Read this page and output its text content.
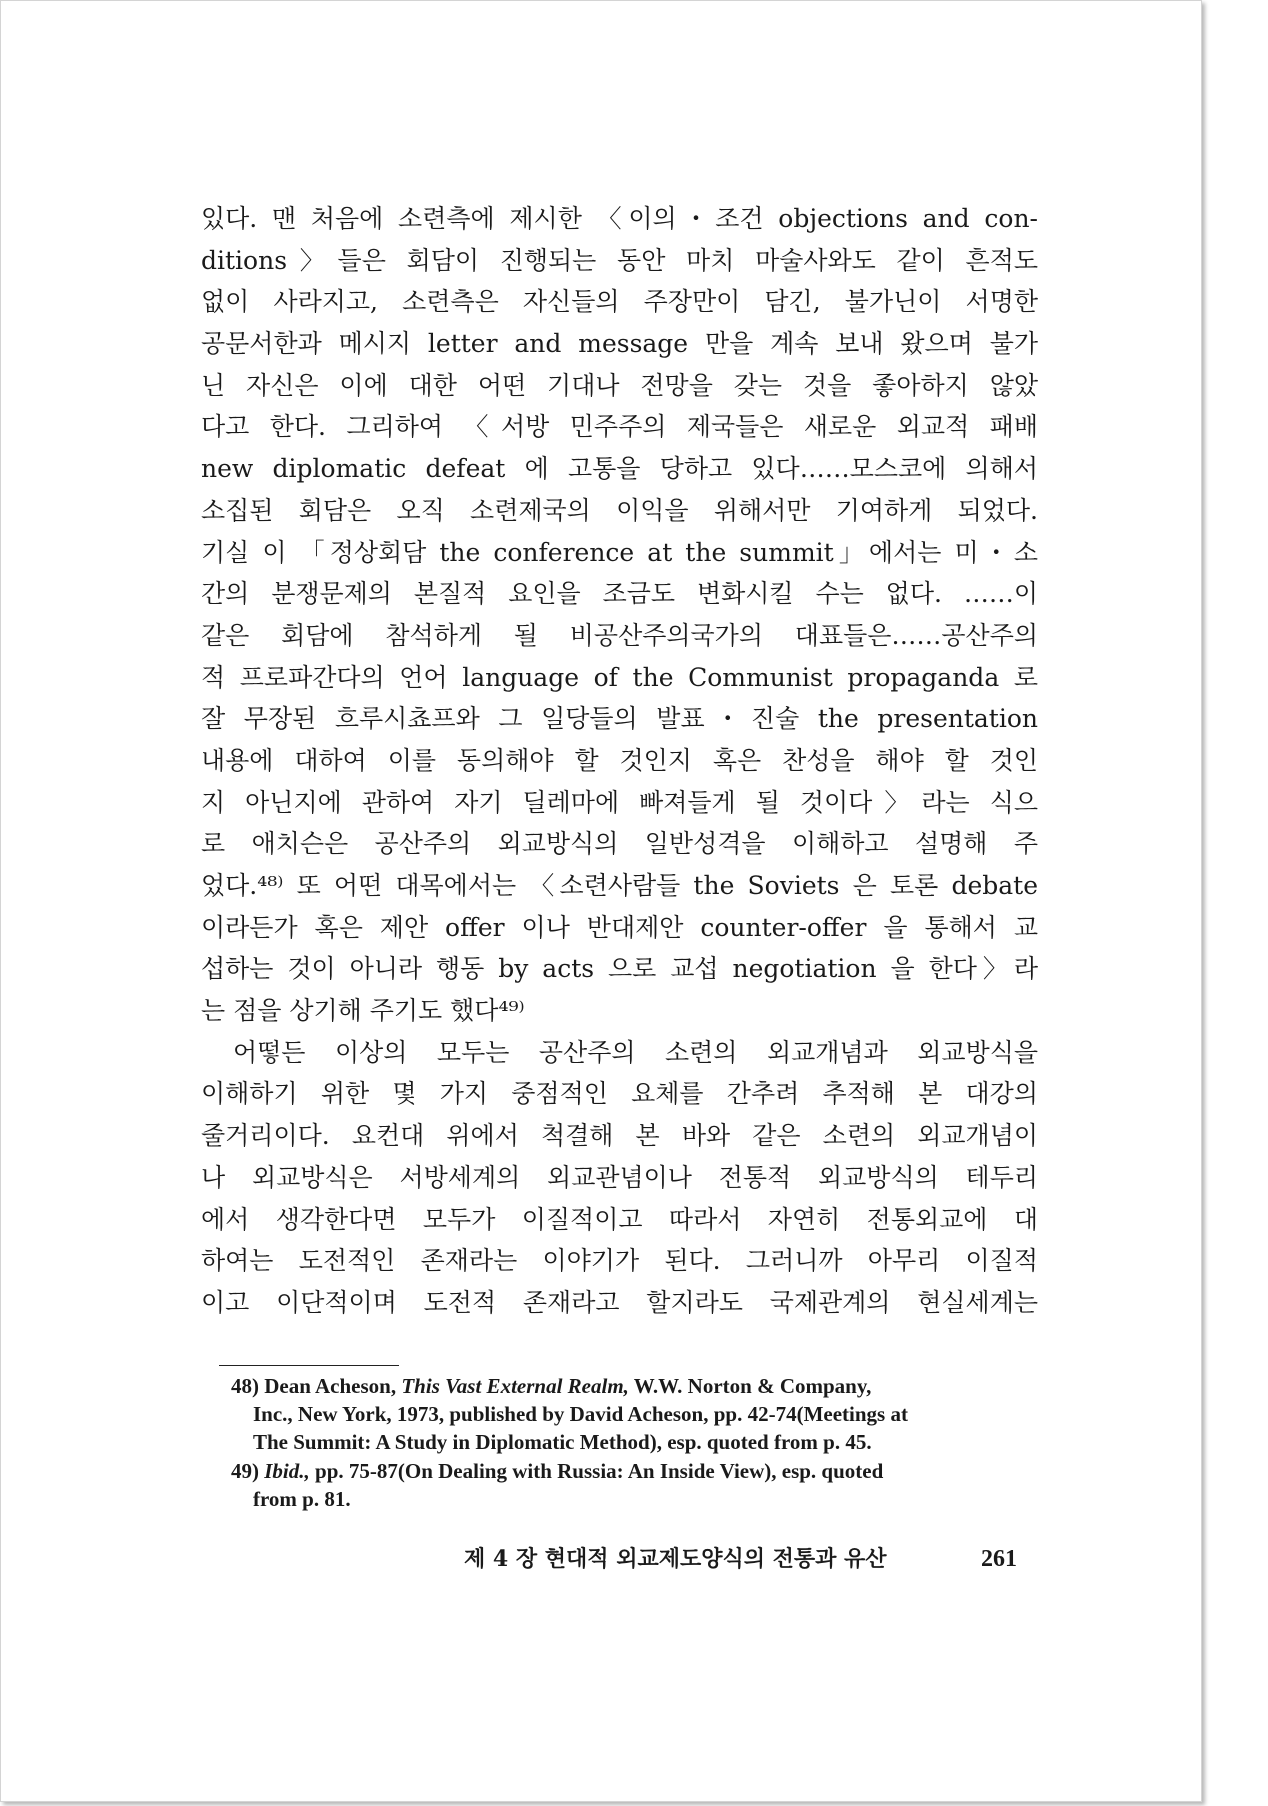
있다. 맨 처음에 소련측에 제시한 〈이의・조건 objections and con-
ditions〉들은 회담이 진행되는 동안 마치 마술사와도 같이 흔적도
없이 사라지고, 소련측은 자신들의 주장만이 담긴, 불가닌이 서명한
공문서한과 메시지 letter and message 만을 계속 보내 왔으며 불가
닌 자신은 이에 대한 어떤 기대나 전망을 갖는 것을 좋아하지 않았
다고 한다. 그리하여 〈서방 민주주의 제국들은 새로운 외교적 패배
new diplomatic defeat 에 고통을 당하고 있다……모스코에 의해서
소집된 회담은 오직 소련제국의 이익을 위해서만 기여하게 되었다.
기실 이 「정상회담 the conference at the summit」에서는 미・소
간의 분쟁문제의 본질적 요인을 조금도 변화시킬 수는 없다. ……이
같은 회담에 참석하게 될 비공산주의국가의 대표들은……공산주의
적 프로파간다의 언어 language of the Communist propaganda 로
잘 무장된 흐루시쵸프와 그 일당들의 발표・진술 the presentation
내용에 대하여 이를 동의해야 할 것인지 혹은 찬성을 해야 할 것인
지 아닌지에 관하여 자기 딜레마에 빠져들게 될 것이다〉라는 식으
로 애치슨은 공산주의 외교방식의 일반성격을 이해하고 설명해 주
었다.⁴⁸⁾ 또 어떤 대목에서는 〈소련사람들 the Soviets 은 토론 debate
이라든가 혹은 제안 offer 이나 반대제안 counter-offer 을 통해서 교
섭하는 것이 아니라 행동 by acts 으로 교섭 negotiation 을 한다〉라
는 점을 상기해 주기도 했다⁴⁹⁾
어떻든 이상의 모두는 공산주의 소련의 외교개념과 외교방식을
이해하기 위한 몇 가지 중점적인 요체를 간추려 추적해 본 대강의
줄거리이다. 요컨대 위에서 척결해 본 바와 같은 소련의 외교개념이
나 외교방식은 서방세계의 외교관념이나 전통적 외교방식의 테두리
에서 생각한다면 모두가 이질적이고 따라서 자연히 전통외교에 대
하여는 도전적인 존재라는 이야기가 된다. 그러니까 아무리 이질적
이고 이단적이며 도전적 존재라고 할지라도 국제관계의 현실세계는
48) Dean Acheson, This Vast External Realm, W.W. Norton & Company,
Inc., New York, 1973, published by David Acheson, pp. 42-74(Meetings at
The Summit: A Study in Diplomatic Method), esp. quoted from p. 45.
49) Ibid., pp. 75-87(On Dealing with Russia: An Inside View), esp. quoted
from p. 81.
제 4 장 현대적 외교제도양식의 전통과 유산	261
